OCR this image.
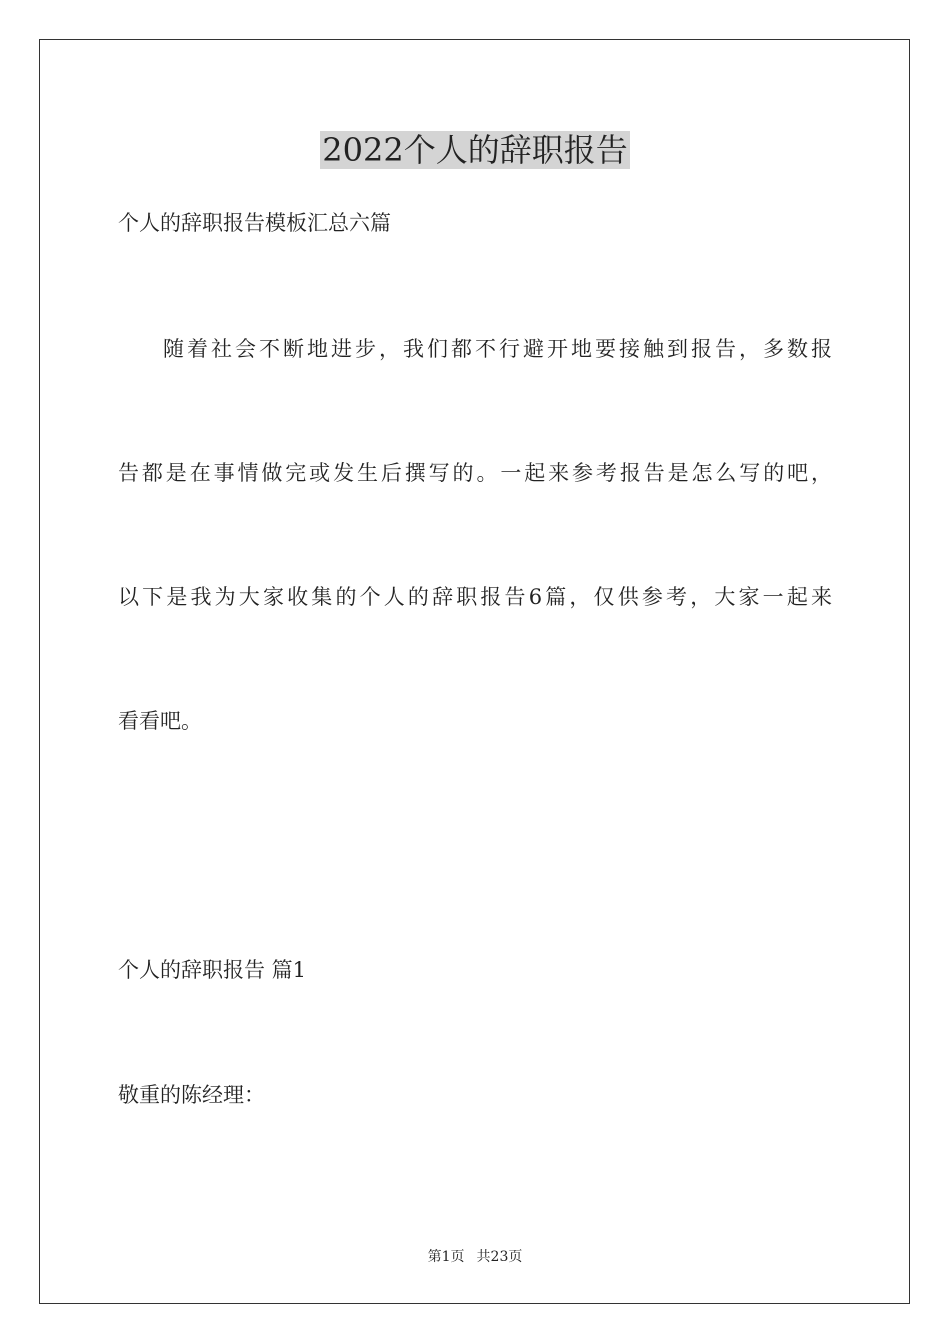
2022个人的辞职报告

个人的辞职报告模板汇总六篇

随着社会不断地进步，我们都不行避开地要接触到报告，多数报

告都是在事情做完或发生后撰写的。一起来参考报告是怎么写的吧，

以下是我为大家收集的个人的辞职报告6篇，仅供参考，大家一起来

看看吧。

个人的辞职报告 篇1

敬重的陈经理：

第1页 共23页
